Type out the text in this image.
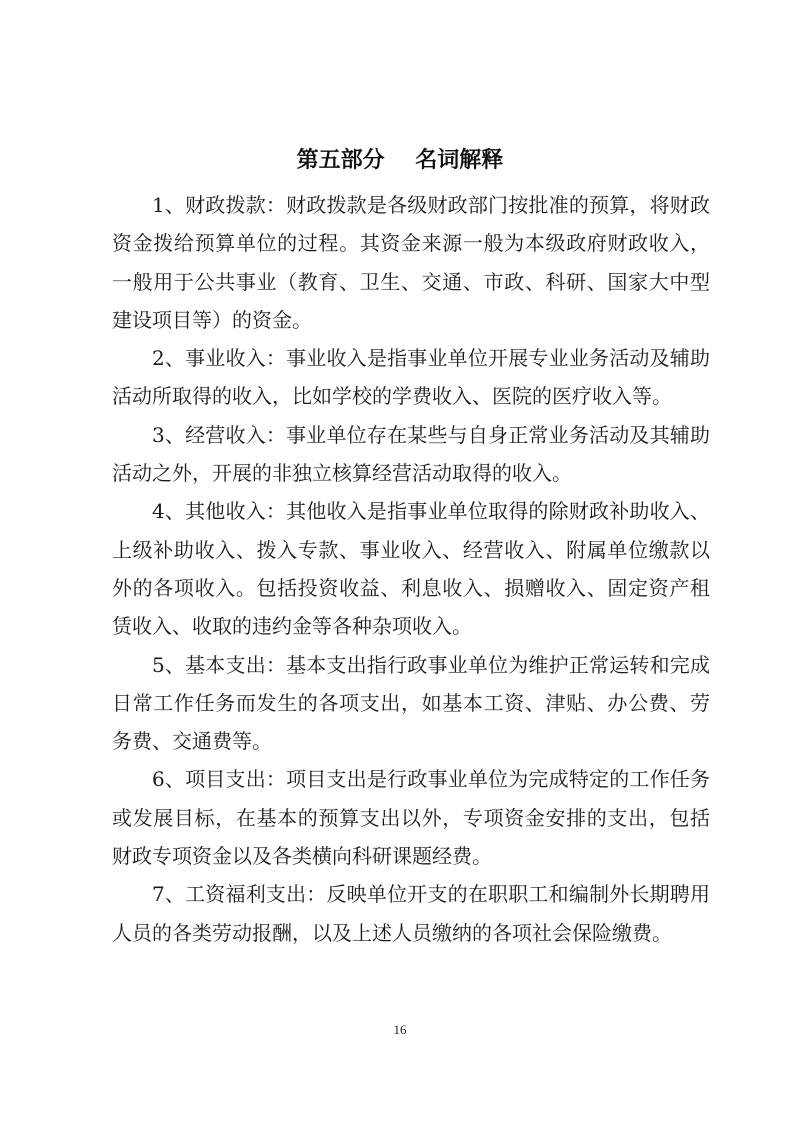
第五部分    名词解释

1、财政拨款：财政拨款是各级财政部门按批准的预算，将财政资金拨给预算单位的过程。其资金来源一般为本级政府财政收入，一般用于公共事业（教育、卫生、交通、市政、科研、国家大中型建设项目等）的资金。

2、事业收入：事业收入是指事业单位开展专业业务活动及辅助活动所取得的收入，比如学校的学费收入、医院的医疗收入等。

3、经营收入：事业单位存在某些与自身正常业务活动及其辅助活动之外，开展的非独立核算经营活动取得的收入。

4、其他收入：其他收入是指事业单位取得的除财政补助收入、上级补助收入、拨入专款、事业收入、经营收入、附属单位缴款以外的各项收入。包括投资收益、利息收入、损赠收入、固定资产租赁收入、收取的违约金等各种杂项收入。

5、基本支出：基本支出指行政事业单位为维护正常运转和完成日常工作任务而发生的各项支出，如基本工资、津贴、办公费、劳务费、交通费等。

6、项目支出：项目支出是行政事业单位为完成特定的工作任务或发展目标，在基本的预算支出以外，专项资金安排的支出，包括财政专项资金以及各类横向科研课题经费。

7、工资福利支出：反映单位开支的在职职工和编制外长期聘用人员的各类劳动报酬，以及上述人员缴纳的各项社会保险缴费。

16
